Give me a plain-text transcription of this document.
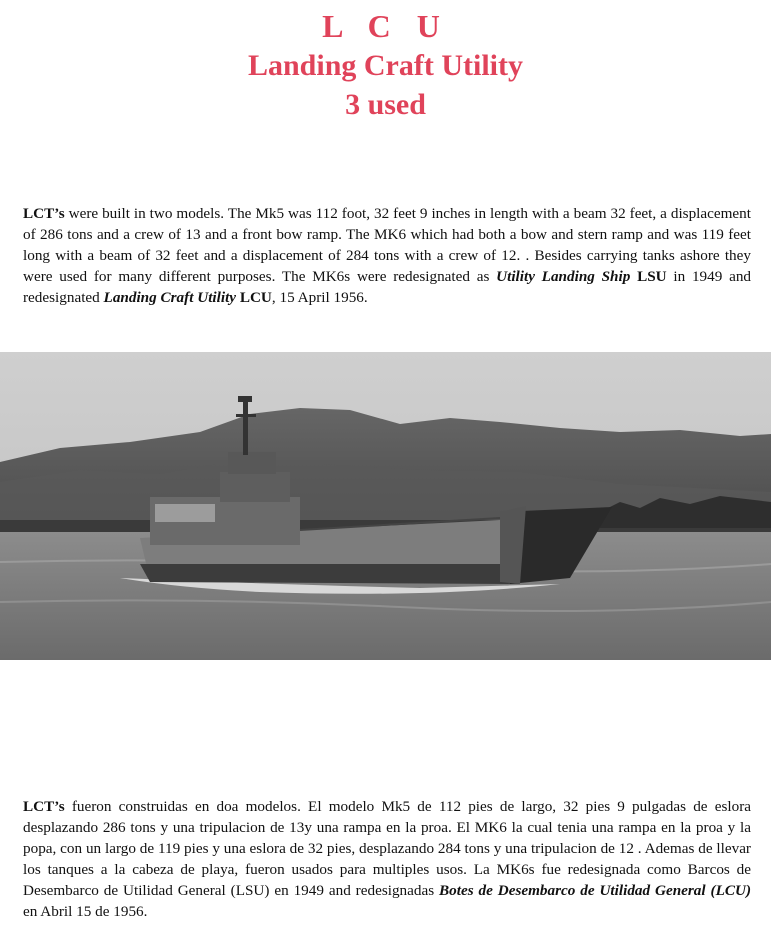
L C U
Landing Craft Utility
3 used

LCT’s were built in two models. The Mk5 was 112 foot, 32 feet 9 inches in length with a beam 32 feet, a displacement of 286 tons and a crew of 13 and a front bow ramp. The MK6 which had both a bow and stern ramp and was 119 feet long with a beam of 32 feet and a displacement of 284 tons with a crew of 12. . Besides carrying tanks ashore they were used for many different purposes. The MK6s were redesignated as Utility Landing Ship LSU in 1949 and redesignated Landing Craft Utility LCU, 15 April 1956.

LCT’s fueron construidas en doa modelos. El modelo Mk5 de 112 pies de largo, 32 pies 9 pulgadas de eslora desplazando 286 tons y una tripulacion de 13y una rampa en la proa. El MK6 la cual tenia una rampa en la proa y la popa, con un largo de 119 pies y una eslora de 32 pies, desplazando 284 tons y una tripulacion de 12 . Ademas de llevar los tanques a la cabeza de playa, fueron usados para multiples usos. La MK6s fue redesignada como Barcos de Desembarco de Utilidad General (LSU) en 1949 and redesignadas Botes de Desembarco de Utilidad General (LCU) en Abril 15 de 1956.
